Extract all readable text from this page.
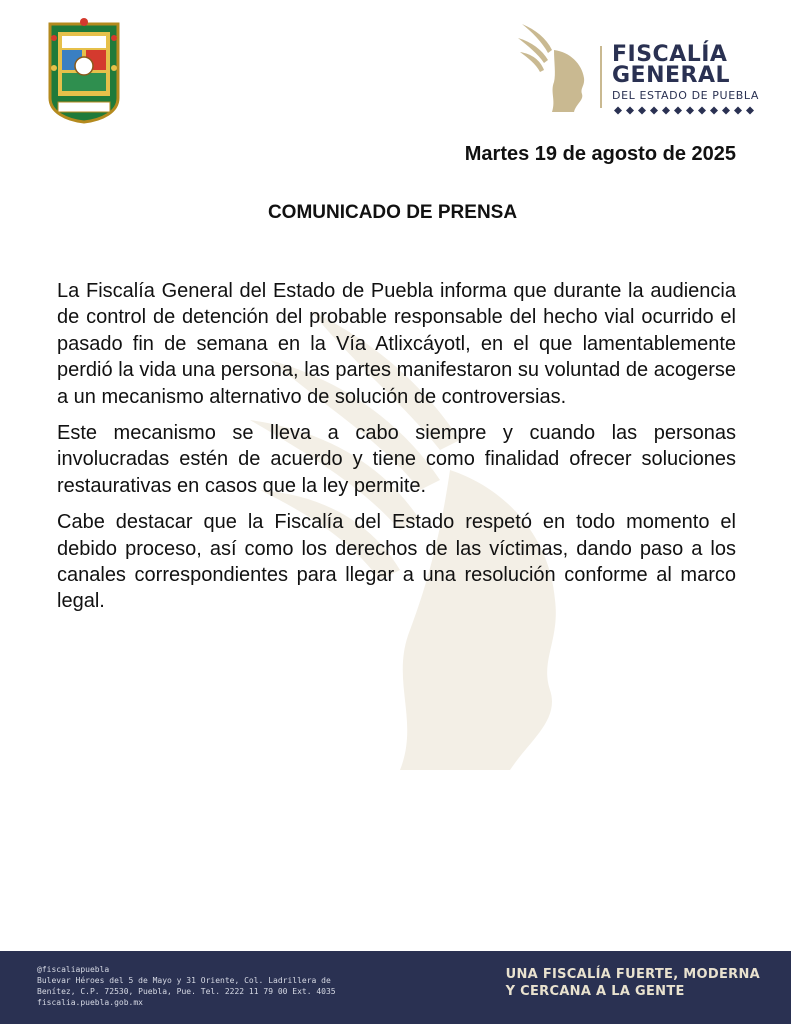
FISCALÍA
GENERAL
DEL ESTADO DE PUEBLA
Martes 19 de agosto de 2025
COMUNICADO DE PRENSA

La Fiscalía General del Estado de Puebla informa que durante la audiencia de control de detención del probable responsable del hecho vial ocurrido el pasado fin de semana en la Vía Atlixcáyotl, en el que lamentablemente perdió la vida una persona, las partes manifestaron su voluntad de acogerse a un mecanismo alternativo de solución de controversias.

Este mecanismo se lleva a cabo siempre y cuando las personas involucradas estén de acuerdo y tiene como finalidad ofrecer soluciones restaurativas en casos que la ley permite.

Cabe destacar que la Fiscalía del Estado respetó en todo momento el debido proceso, así como los derechos de las víctimas, dando paso a los canales correspondientes para llegar a una resolución conforme al marco legal.

@fiscaliapuebla
Bulevar Héroes del 5 de Mayo y 31 Oriente, Col. Ladrillera de
Benítez, C.P. 72530, Puebla, Pue. Tel. 2222 11 79 00 Ext. 4035
fiscalia.puebla.gob.mx
UNA FISCALÍA FUERTE, MODERNA
Y CERCANA A LA GENTE
